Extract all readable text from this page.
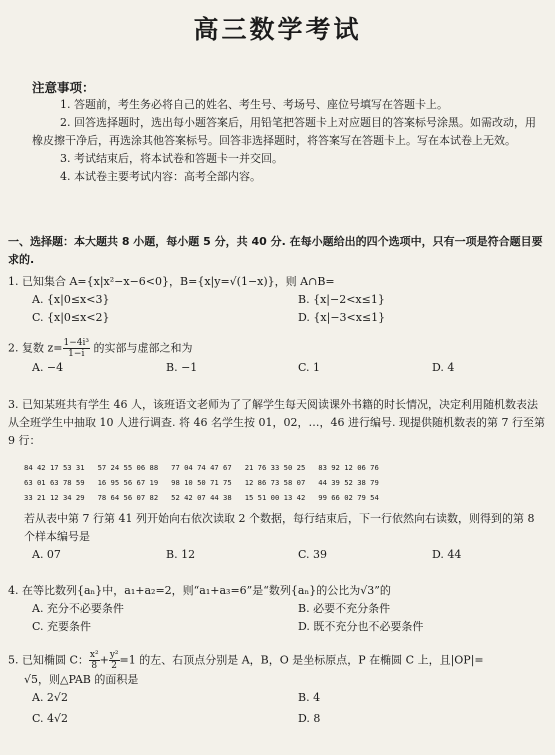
高三数学考试
注意事项：

1. 答题前，考生务必将自己的姓名、考生号、考场号、座位号填写在答题卡上。

2. 回答选择题时，选出每小题答案后，用铅笔把答题卡上对应题目的答案标号涂黑。如需改动，用橡皮擦干净后，再选涂其他答案标号。回答非选择题时，将答案写在答题卡上。写在本试卷上无效。

3. 考试结束后，将本试卷和答题卡一并交回。

4. 本试卷主要考试内容：高考全部内容。

一、选择题：本大题共 8 小题，每小题 5 分，共 40 分. 在每小题给出的四个选项中，只有一项是符合题目要求的.
1. 已知集合 A={x|x²−x−6<0}，B={x|y=√(1−x)}，则 A∩B=
A. {x|0≤x<3}	B. {x|−2<x≤1}
C. {x|0≤x<2}	D. {x|−3<x≤1}
2. 复数 $z= \frac{\text{1−4i³}}{1-i}$ 的实部与虚部之和为
A. −4	B. −1	C. 1	D. 4
3. 已知某班共有学生 46 人，该班语文老师为了了解学生每天阅读课外书籍的时长情况，决定利用随机数表法从全班学生中抽取 10 人进行调查. 将 46 名学生按 01，02，…，46 进行编号. 现提供随机数表的第 7 行至第 9 行：
84 42 17 53 31   57 24 55 06 88   77 04 74 47 67   21 76 33 50 25   83 92 12 06 76
63 01 63 78 59   16 95 56 67 19   98 10 50 71 75   12 86 73 58 07   44 39 52 38 79
33 21 12 34 29   78 64 56 07 82   52 42 07 44 38   15 51 00 13 42   99 66 02 79 54
若从表中第 7 行第 41 列开始向右依次读取 2 个数据，每行结束后，下一行依然向右读数，则得到的第 8 个样本编号是
A. 07	B. 12	C. 39	D. 44
4. 在等比数列{aₙ}中，a₁+a₂=2，则“a₁+a₃=6”是“数列{aₙ}的公比为√3”的
A. 充分不必要条件	B. 必要不充分条件
C. 充要条件	D. 既不充分也不必要条件
5. 已知椭圆 C： $\frac{\text{x²}}{8} + \frac{\text{y²}}{2} =1$ 的左、右顶点分别是 A，B，O 是坐标原点，P 在椭圆 C 上，且|OP|=
√5，则△PAB 的面积是
A. 2√2	B. 4
C. 4√2	D. 8
